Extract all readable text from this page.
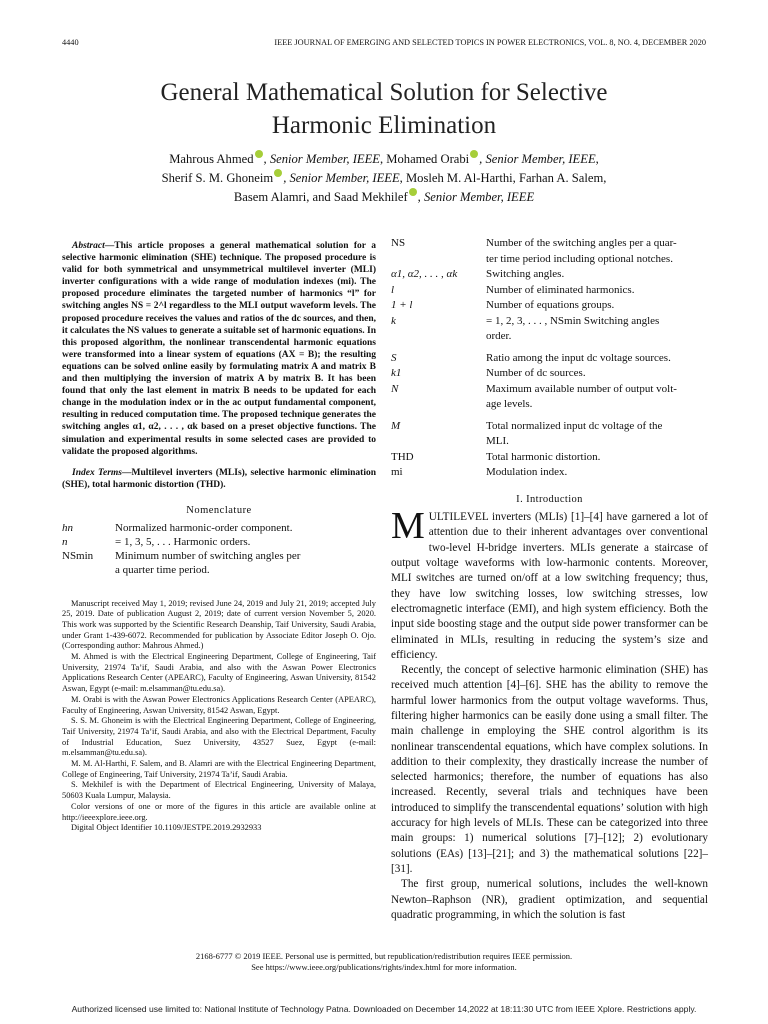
4440	IEEE JOURNAL OF EMERGING AND SELECTED TOPICS IN POWER ELECTRONICS, VOL. 8, NO. 4, DECEMBER 2020
General Mathematical Solution for Selective
Harmonic Elimination
Mahrous Ahmed , Senior Member, IEEE, Mohamed Orabi , Senior Member, IEEE,
Sherif S. M. Ghoneim , Senior Member, IEEE, Mosleh M. Al-Harthi, Farhan A. Salem,
Basem Alamri, and Saad Mekhilef , Senior Member, IEEE

Abstract—This article proposes a general mathematical solution for a selective harmonic elimination (SHE) technique. The proposed procedure is valid for both symmetrical and unsymmetrical multilevel inverter (MLI) inverter configurations with a wide range of modulation indexes (mi). The proposed procedure eliminates the targeted number of harmonics “l” for switching angles NS = 2^l regardless to the MLI output waveform levels. The proposed procedure receives the values and ratios of the dc sources, and then, it calculates the NS values to generate a suitable set of harmonic equations. In this proposed algorithm, the nonlinear transcendental harmonic equations were transformed into a linear system of equations (AX = B); the resulting equations can be solved online easily by formulating matrix A and matrix B and then multiplying the inversion of matrix A by matrix B. It has been found that only the last element in matrix B needs to be updated for each change in the modulation index or in the ac output fundamental component, resulting in reduced computation time. The proposed technique generates the switching angles α1, α2, . . . , αk based on a preset objective functions. The simulation and experimental results in some selected cases are provided to validate the proposed algorithms.

Index Terms—Multilevel inverters (MLIs), selective harmonic elimination (SHE), total harmonic distortion (THD).

Nomenclature
hn	Normalized harmonic-order component.
n	= 1, 3, 5, . . . Harmonic orders.
NSmin	Minimum number of switching angles per
a quarter time period.

Manuscript received May 1, 2019; revised June 24, 2019 and July 21, 2019; accepted July 25, 2019. Date of publication August 2, 2019; date of current version November 5, 2020. This work was supported by the Scientific Research Deanship, Taif University, Saudi Arabia, under Grant 1-439-6072. Recommended for publication by Associate Editor Joseph O. Ojo. (Corresponding author: Mahrous Ahmed.)

M. Ahmed is with the Electrical Engineering Department, College of Engineering, Taif University, 21974 Ta’if, Saudi Arabia, and also with the Aswan Power Electronics Applications Research Center (APEARC), Faculty of Engineering, Aswan University, 81542 Aswan, Egypt (e-mail: m.elsamman@tu.edu.sa).

M. Orabi is with the Aswan Power Electronics Applications Research Center (APEARC), Faculty of Engineering, Aswan University, 81542 Aswan, Egypt.

S. S. M. Ghoneim is with the Electrical Engineering Department, College of Engineering, Taif University, 21974 Ta’if, Saudi Arabia, and also with the Electrical Department, Faculty of Industrial Education, Suez University, 43527 Suez, Egypt (e-mail: m.elsamman@tu.edu.sa).

M. M. Al-Harthi, F. Salem, and B. Alamri are with the Electrical Engineering Department, College of Engineering, Taif University, 21974 Ta’if, Saudi Arabia.

S. Mekhilef is with the Department of Electrical Engineering, University of Malaya, 50603 Kuala Lumpur, Malaysia.

Color versions of one or more of the figures in this article are available online at http://ieeexplore.ieee.org.

Digital Object Identifier 10.1109/JESTPE.2019.2932933

NS	Number of the switching angles per a quar-
ter time period including optional notches.
α1, α2, . . . , αk	Switching angles.
l	Number of eliminated harmonics.
1 + l	Number of equations groups.
k	= 1, 2, 3, . . . , NSmin Switching angles
order.
S	Ratio among the input dc voltage sources.
k1	Number of dc sources.
N	Maximum available number of output volt-
age levels.
M	Total normalized input dc voltage of the
MLI.
THD	Total harmonic distortion.
mi	Modulation index.
I. Introduction

MULTILEVEL inverters (MLIs) [1]–[4] have garnered a lot of attention due to their inherent advantages over conventional two-level H-bridge inverters. MLIs generate a staircase of output voltage waveforms with low-harmonic contents. Moreover, MLI switches are turned on/off at a low switching frequency; thus, they have low switching losses, low switching stresses, low electromagnetic interface (EMI), and high system efficiency. Both the input side boosting stage and the output side power transformer can be eliminated in MLIs, resulting in reducing the system’s size and efficiency.

Recently, the concept of selective harmonic elimination (SHE) has received much attention [4]–[6]. SHE has the ability to remove the harmful lower harmonics from the output voltage waveforms. Thus, filtering higher harmonics can be easily done using a small filter. The main challenge in employing the SHE control algorithm is its nonlinear transcendental equations, which have complex solutions. In addition to their complexity, they drastically increase the number of selected harmonics; therefore, the number of equations has also increased. Recently, several trials and techniques have been introduced to simplify the transcendental equations’ solution with high accuracy for high levels of MLIs. These can be categorized into three main groups: 1) numerical solutions [7]–[12]; 2) evolutionary solutions (EAs) [13]–[21]; and 3) the mathematical solutions [22]–[31].

The first group, numerical solutions, includes the well-known Newton–Raphson (NR), gradient optimization, and sequential quadratic programming, in which the solution is fast

2168-6777 © 2019 IEEE. Personal use is permitted, but republication/redistribution requires IEEE permission.
See https://www.ieee.org/publications/rights/index.html for more information.
Authorized licensed use limited to: National Institute of Technology Patna. Downloaded on December 14,2022 at 18:11:30 UTC from IEEE Xplore. Restrictions apply.
